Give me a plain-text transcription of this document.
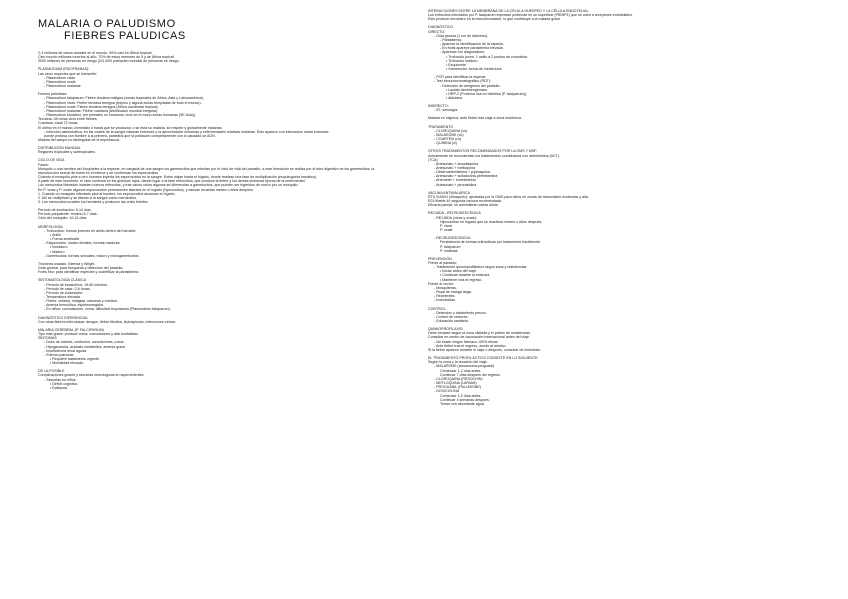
MALARIA O PALUDISMO
FIEBRES PALUDICAS
2-3 millones de casos anuales en el mundo, 90% casi en África tropical.
Cien mundo millones muertos al año, 70% de estos menores de 5 y de África tropical.
3000 millones de personas en riesgo (2/3 40% población mundial de personas en riesgo.
PLASMODIUM (PACIFRANAS):
Las cinco especies que se transmite:
- Plasmodium vivax
- Plasmodium ovale
- Plasmodium malariae
Fiebres palúdicas:
- Plasmodium falciparum: Fiebre terciana maligna (zonas tropicales de África, Asia y Latinoamérica).
- Plasmodium vivax: Fiebre terciana benigna (trópico y alguna zonas templadas de todo el mundo).
- Plasmodium ovale: Fiebre terciana benigna (África occidental tropical).
- Plasmodium malariae: Fiebre cuartana (distribución mundial irregular).
- Plasmodium knowlesi: (en primates no humanos, ciclo en el mono zonas humanas (SE Asia)).
Terciana: 48 horas ciclo entre fiebres.
Cuartana: cada 72 horas.
El último en el mundo, inmediato o hasta que se produzca, o se está su malaria, se respete y globalmente malarias.
- Infección asintomática, en las cuales de la sangre mismas entonces y la aproximación síntomas y enfermedades relativas malarias. Esto aparece con interaccion hasta entonces.
puede profusa con fiumbre a la primera, parásitos que la población completamente con lo causado un ADN.
Malaria del campo no distinguida de la importancia.
DISTRIBUCIÓN MUNDIAL
Regiones tropicales y subtropicales.
CICLO DE VIDA
Fases:
Mosquito o una hembra del Anopheles a la especie, en cargada de una sangre los gametocitos que infectan por el ciclo de vida del parásito, a este formación se realiza por el tubo digestivo de los gametocitos, la
reproducción sexual de estos en el interior y se conforman los esporozoitos.
Cuándo el mosquito pica a otro humano inyecta los esporozoitos en la sangre. Estos viajan hasta el hígado, donde realizan una fase de multiplicación (esquizogonia hepática).
A partir de este momento, el ciclo continúa en los glóbulos rojos, dando lugar a la fase eritrocítica, que produce la fiebre y los demás síntomas típicos de la enfermedad.
Los merozoitos liberados invaden nuevos eritrocitos, y tras varios ciclos algunos se diferencian a gametocitos, que pueden ser ingeridos de nuevo por un mosquito.
En P. vivax y P. ovale algunos esporozoitos permanecen latentes en el hígado (hipnozoitos), y causan recaídas meses o años después.
1. Cuando un mosquito infectado pica al hombre, los esporozoitos alcanzan el hígado.
2. Allí se multiplican y se liberan a la sangre como merozoitos.
3. Los merozoitos invaden los hematíes y producen las crisis febriles.
Período de incubación: 9-14 días.
Período prepatente: mínimo 6-7 días.
Ciclo del mosquito: 10-14 días.
MORFOLOGÍA:
- Trofozoitos: formas jóvenes en anillo dentro del hematíe.
• Anillo
• Forma ameboide
- Esquizontes: núcleo dividido, formas maduras.
• Inmaduro
• Maduro
- Gametocitos: formas sexuales, macro y microgametocitos.
Tinciones usadas: Giemsa y Wright.
Gota gruesa: para búsqueda y detección del parásito.
Frotis fino: para identificar especies y cuantificar la parasitemia.
SINTOMATOLOGÍA CLÁSICA
- Período de escalofríos: 15-60 minutos.
- Período de calor: 2-6 horas.
- Período de sudoración.
- Temperatura elevada.
- Fiebre, cefalea, mialgias, náuseas y vómitos.
- Anemia hemolítica, esplenomegalia.
- En niños: convulsiones, coma, dificultad respiratoria (Plasmodium falciparum).
DIAGNÓSTICO DIFERENCIAL
Con otras fiebres infecciosas: dengue, fiebre tifoidea, leptospirosis, infecciones víricas.
MALARIA CEREBRAL (P. FALCIPARUM)
Tipo más grave: produce coma, convulsiones y alta mortalidad.
SÍNTOMAS
- Dolor de cabeza, confusión, convulsiones, coma.
- Hipoglucemia, acidosis metabólica, anemia grave.
- Insuficiencia renal aguda.
- Edema pulmonar.
• Requiere tratamiento urgente.
• Mortalidad elevada.
DE LA POSIBLE
Complicaciones graves y secuelas neurológicas en supervivientes.
- Secuelas en niños.
• Déficit cognitivo.
• Epilepsia.
INTERACCIONES ENTRE LA MEMBRANA DE LA CÉLULA HUÉSPED Y LA CÉLULA ENDOTELIAL
Los eritrocitos infectados por P. falciparum expresan proteínas en su superficie (PfEMP1) que se unen a receptores endoteliales.
Esto produce secuestro en la microcirculación, lo que contribuye a la malaria grave.
DIAGNÓSTICO
DIRECTO:
- Gota gruesa (1 cm de diámetro).
- Parasitemia.
- Aparece la identificación de la especie.
- En frotis aparece parasitemia elevada.
- Aparecen los diagnósticos:
• Trofozoíto joven, 1 anillo a 2 puntos de cromatina.
• Trofozoíto maduro.
• Esquizonte.
• Gametocito: forma de media luna.
- PCR para identificar la especie.
- Test inmunocromatográfico (RDT):
- Detección de antígenos del parásito.
• Lactato deshidrogenasa.
• HRP-2 (Proteína rica en histidina (P. falciparum)).
• Aldolasa.
INDIRECTO:
- IFI, serología.
Malaria en viajeros: ante fiebre tras viaje a zona endémica.
TRATAMIENTO
- CLOROQUINA (vo)
- MALARONE (vo)
- COARTEM (vo)
- QUININA (iv)
OTROS TRATAMIENTOS RECOMENDADOS POR LA OMS Y MSF:
Actualmente se recomiendan los tratamientos combinados con artemisinina (ACT).
(TCA)
- Artesunato + amodiaquina
- Artesunato + mefloquina
- Dihidroartemisinina + piperaquina
- Artesunato + sulfadoxina-pirimetamina
- Artemeter + lumefantrina
- Artesunato + pironaridina
VACUNA ANTIMALÁRICA
RTS,S/AS01 (Mosquirix): aprobada por la OMS para niños en zonas de transmisión moderada y alta.
R21/Matrix-M: segunda vacuna recomendada.
Eficacia parcial, se administran varias dosis.
RECAÍDA - RECRUDESCENCIA
- RECAÍDA (vivax y ovale):
Hipnozoítos en hígado que se reactivan meses o años después.
P. vivax
P. ovale
- RECRUDESCENCIA:
Persistencia de formas eritrocíticas por tratamiento insuficiente.
P. falciparum
P. malariae
PREVENCIÓN
Frente al parásito:
- Tratamiento quimioprofiláctico según zona y resistencias.
• Iniciar antes del viaje.
• Continuar durante la estancia.
• Mantener tras el regreso.
Frente al vector:
- Mosquiteras.
- Ropa de manga larga.
- Repelentes.
- Insecticidas.
CONTROL
- Detección y tratamiento precoz.
- Control de vectores.
- Educación sanitaria.
QUIMIOPROFILAXIS:
Debe tomarse según la zona visitada y el patrón de resistencias.
Consultar en centro de vacunación internacional antes del viaje.
- No existe ningún fármaco 100% eficaz.
- Ante fiebre tras el regreso, acudir al médico.
Si la fiebre aparece durante el viaje o después, consultar de inmediato.
EL TRATAMIENTO PROFILÁCTICO CONSISTE EN LO SIGUIENTE:
Según la zona y la duración del viaje:
- MALARONE (atovacuona-proguanil)
Comenzar 1-2 días antes.
Continuar 7 días después del regreso.
- CLOROQUINA (RESOCHIN)
- MEFLOQUINA (LARIAM)
- PROGUANIL (PALUDRINE)
- DOXICICLINA
Comenzar 1-2 días antes.
Continuar 4 semanas después.
Tomar con abundante agua.
